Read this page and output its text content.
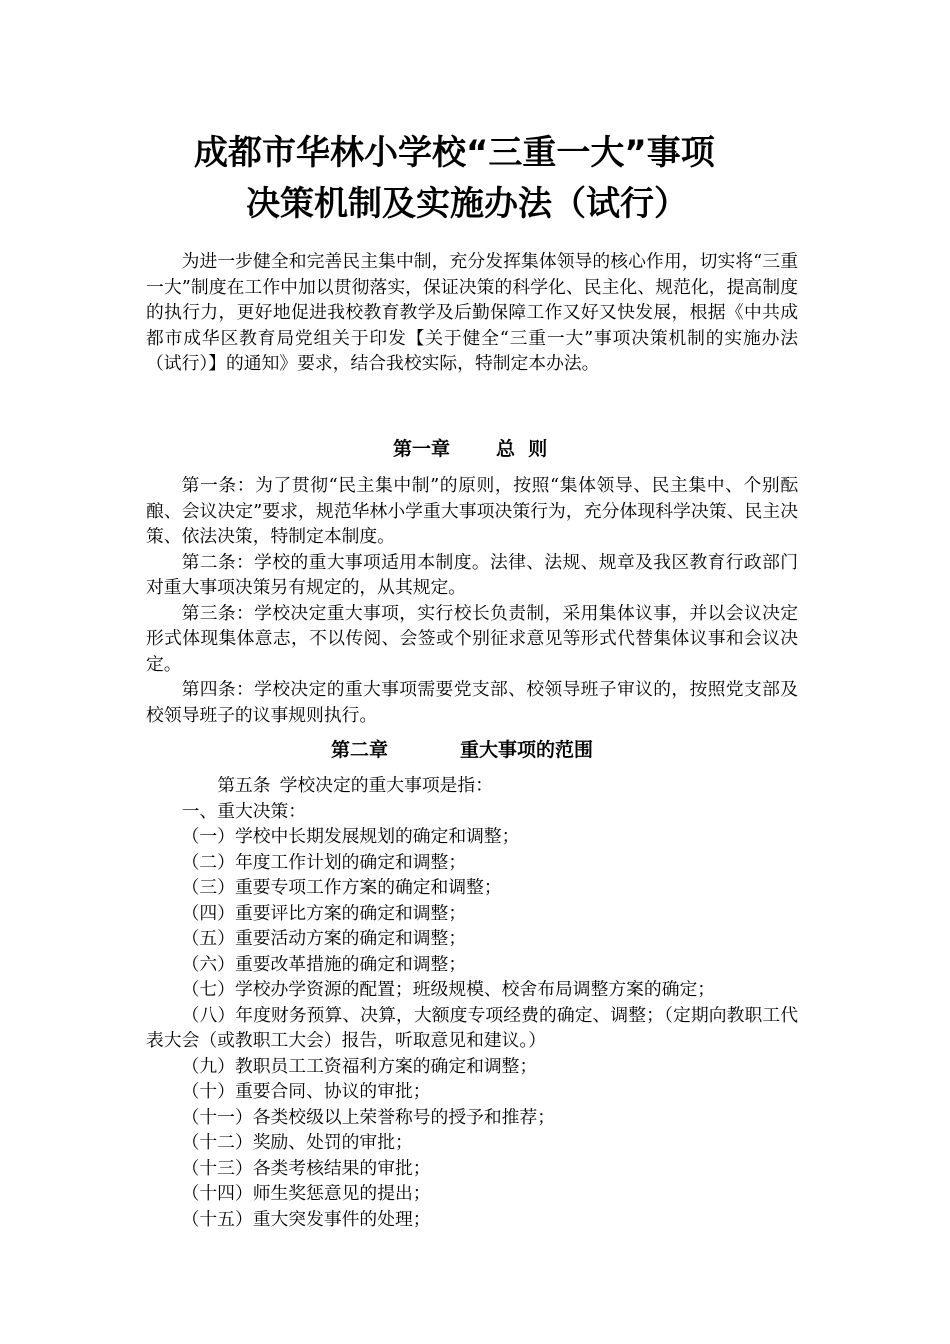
成都市华林小学校“三重一大”事项
决策机制及实施办法（试行）

为进一步健全和完善民主集中制，充分发挥集体领导的核心作用，切实将“三重一大”制度在工作中加以贯彻落实，保证决策的科学化、民主化、规范化，提高制度的执行力，更好地促进我校教育教学及后勤保障工作又好又快发展，根据《中共成都市成华区教育局党组关于印发【关于健全“三重一大”事项决策机制的实施办法（试行）】的通知》要求，结合我校实际，特制定本办法。

第一章 总  则

第一条：为了贯彻“民主集中制”的原则，按照“集体领导、民主集中、个别酝酿、会议决定”要求，规范华林小学重大事项决策行为，充分体现科学决策、民主决策、依法决策，特制定本制度。

第二条：学校的重大事项适用本制度。法律、法规、规章及我区教育行政部门对重大事项决策另有规定的，从其规定。

第三条：学校决定重大事项，实行校长负责制，采用集体议事，并以会议决定形式体现集体意志，不以传阅、会签或个别征求意见等形式代替集体议事和会议决定。

第四条：学校决定的重大事项需要党支部、校领导班子审议的，按照党支部及校领导班子的议事规则执行。

第二章	重大事项的范围

第五条 学校决定的重大事项是指：

一、重大决策：

（一）学校中长期发展规划的确定和调整；

（二）年度工作计划的确定和调整；

（三）重要专项工作方案的确定和调整；

（四）重要评比方案的确定和调整；

（五）重要活动方案的确定和调整；

（六）重要改革措施的确定和调整；

（七）学校办学资源的配置；班级规模、校舍布局调整方案的确定；

（八）年度财务预算、决算，大额度专项经费的确定、调整；（定期向教职工代表大会（或教职工大会）报告，听取意见和建议。）

（九）教职员工工资福利方案的确定和调整；

（十）重要合同、协议的审批；

（十一）各类校级以上荣誉称号的授予和推荐；

（十二）奖励、处罚的审批；

（十三）各类考核结果的审批；

（十四）师生奖惩意见的提出；

（十五）重大突发事件的处理；
